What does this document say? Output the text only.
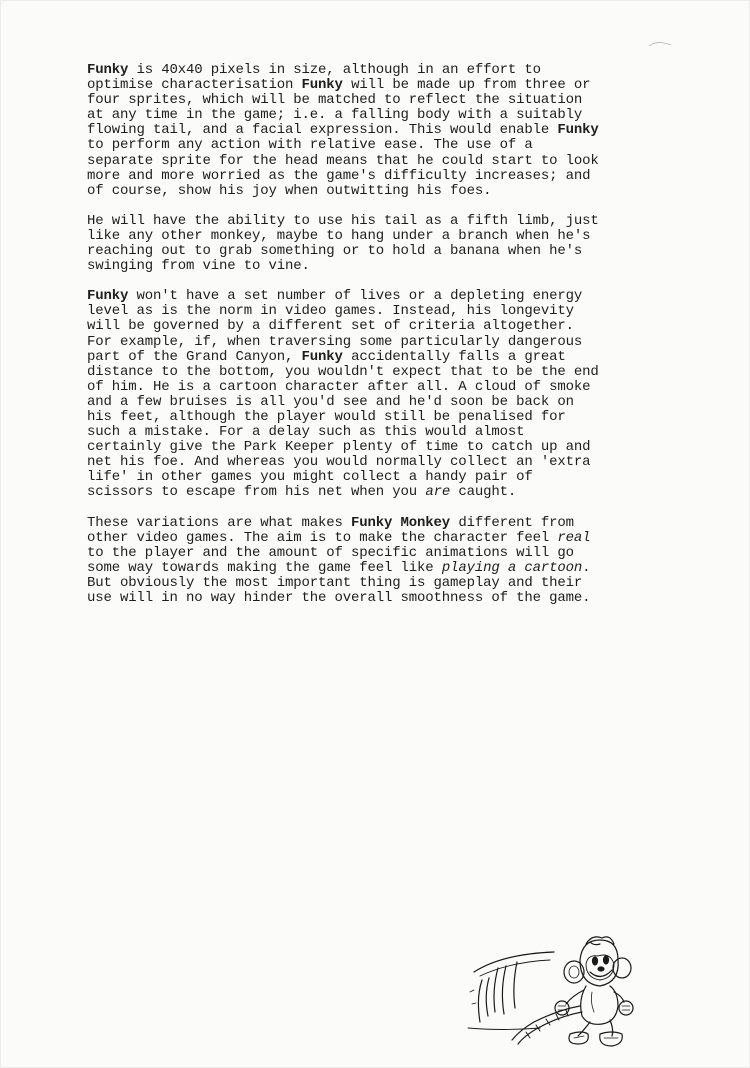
Funky is 40x40 pixels in size, although in an effort to
optimise characterisation Funky will be made up from three or
four sprites, which will be matched to reflect the situation
at any time in the game; i.e. a falling body with a suitably
flowing tail, and a facial expression. This would enable Funky
to perform any action with relative ease. The use of a
separate sprite for the head means that he could start to look
more and more worried as the game's difficulty increases; and
of course, show his joy when outwitting his foes.

He will have the ability to use his tail as a fifth limb, just
like any other monkey, maybe to hang under a branch when he's
reaching out to grab something or to hold a banana when he's
swinging from vine to vine.

Funky won't have a set number of lives or a depleting energy
level as is the norm in video games. Instead, his longevity
will be governed by a different set of criteria altogether.
For example, if, when traversing some particularly dangerous
part of the Grand Canyon, Funky accidentally falls a great
distance to the bottom, you wouldn't expect that to be the end
of him. He is a cartoon character after all. A cloud of smoke
and a few bruises is all you'd see and he'd soon be back on
his feet, although the player would still be penalised for
such a mistake. For a delay such as this would almost
certainly give the Park Keeper plenty of time to catch up and
net his foe. And whereas you would normally collect an 'extra
life' in other games you might collect a handy pair of
scissors to escape from his net when you are caught.

These variations are what makes Funky Monkey different from
other video games. The aim is to make the character feel real
to the player and the amount of specific animations will go
some way towards making the game feel like playing a cartoon.
But obviously the most important thing is gameplay and their
use will in no way hinder the overall smoothness of the game.
